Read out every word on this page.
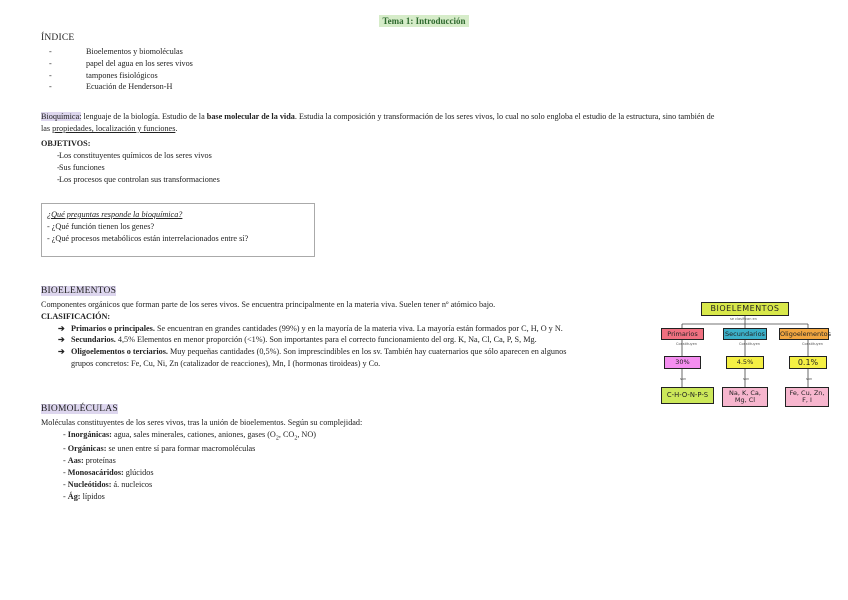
Tema 1: Introducción
ÍNDICE
-	Bioelementos y biomoléculas
-	papel del agua en los seres vivos
-	tampones fisiológicos
-	Ecuación de Henderson-H
Bioquímica: lenguaje de la biología. Estudio de la base molecular de la vida. Estudia la composición y transformación de los seres vivos, lo cual no solo engloba el estudio de la estructura, sino también de
las propiedades, localización y funciones.
OBJETIVOS:
-Los constituyentes químicos de los seres vivos
-Sus funciones
-Los procesos que controlan sus transformaciones
¿Qué preguntas responde la bioquímica?
- ¿Qué función tienen los genes?
- ¿Qué procesos metabólicos están interrelacionados entre sí?
BIOELEMENTOS
Componentes orgánicos que forman parte de los seres vivos. Se encuentra principalmente en la materia viva. Suelen tener nº atómico bajo.
CLASIFICACIÓN:
➔ Primarios o principales. Se encuentran en grandes cantidades (99%) y en la mayoría de la materia viva. La mayoría están formados por C, H, O y N.
➔ Secundarios. 4,5% Elementos en menor proporción (<1%). Son importantes para el correcto funcionamiento del org. K, Na, Cl, Ca, P, S, Mg.
➔ Oligoelementos o terciarios. Muy pequeñas cantidades (0,5%). Son imprescindibles en los sv. También hay cuaternarios que sólo aparecen en algunos
grupos concretos: Fe, Cu, Ni, Zn (catalizador de reacciones), Mn, I (hormonas tiroideas) y Co.
BIOELEMENTOS
se clasifican en
Primarios	Secundarios	Oligoelementos
Constituyen	Constituyen	Constituyen
30%	4.5%	0.1%
son	son	son
C-H-O-N-P-S	Na, K, Ca, Mg, Cl
Fe, Cu, Zn, F, I
BIOMOLÉCULAS
Moléculas constituyentes de los seres vivos, tras la unión de bioelementos. Según su complejidad:
- Inorgánicas: agua, sales minerales, cationes, aniones, gases ($O_2$, $CO_2$, NO)
- Orgánicas: se unen entre sí para formar macromoléculas
- Aas: proteínas
- Monosacáridos: glúcidos
- Nucleótidos: á. nucleicos
- Ág: lípidos
